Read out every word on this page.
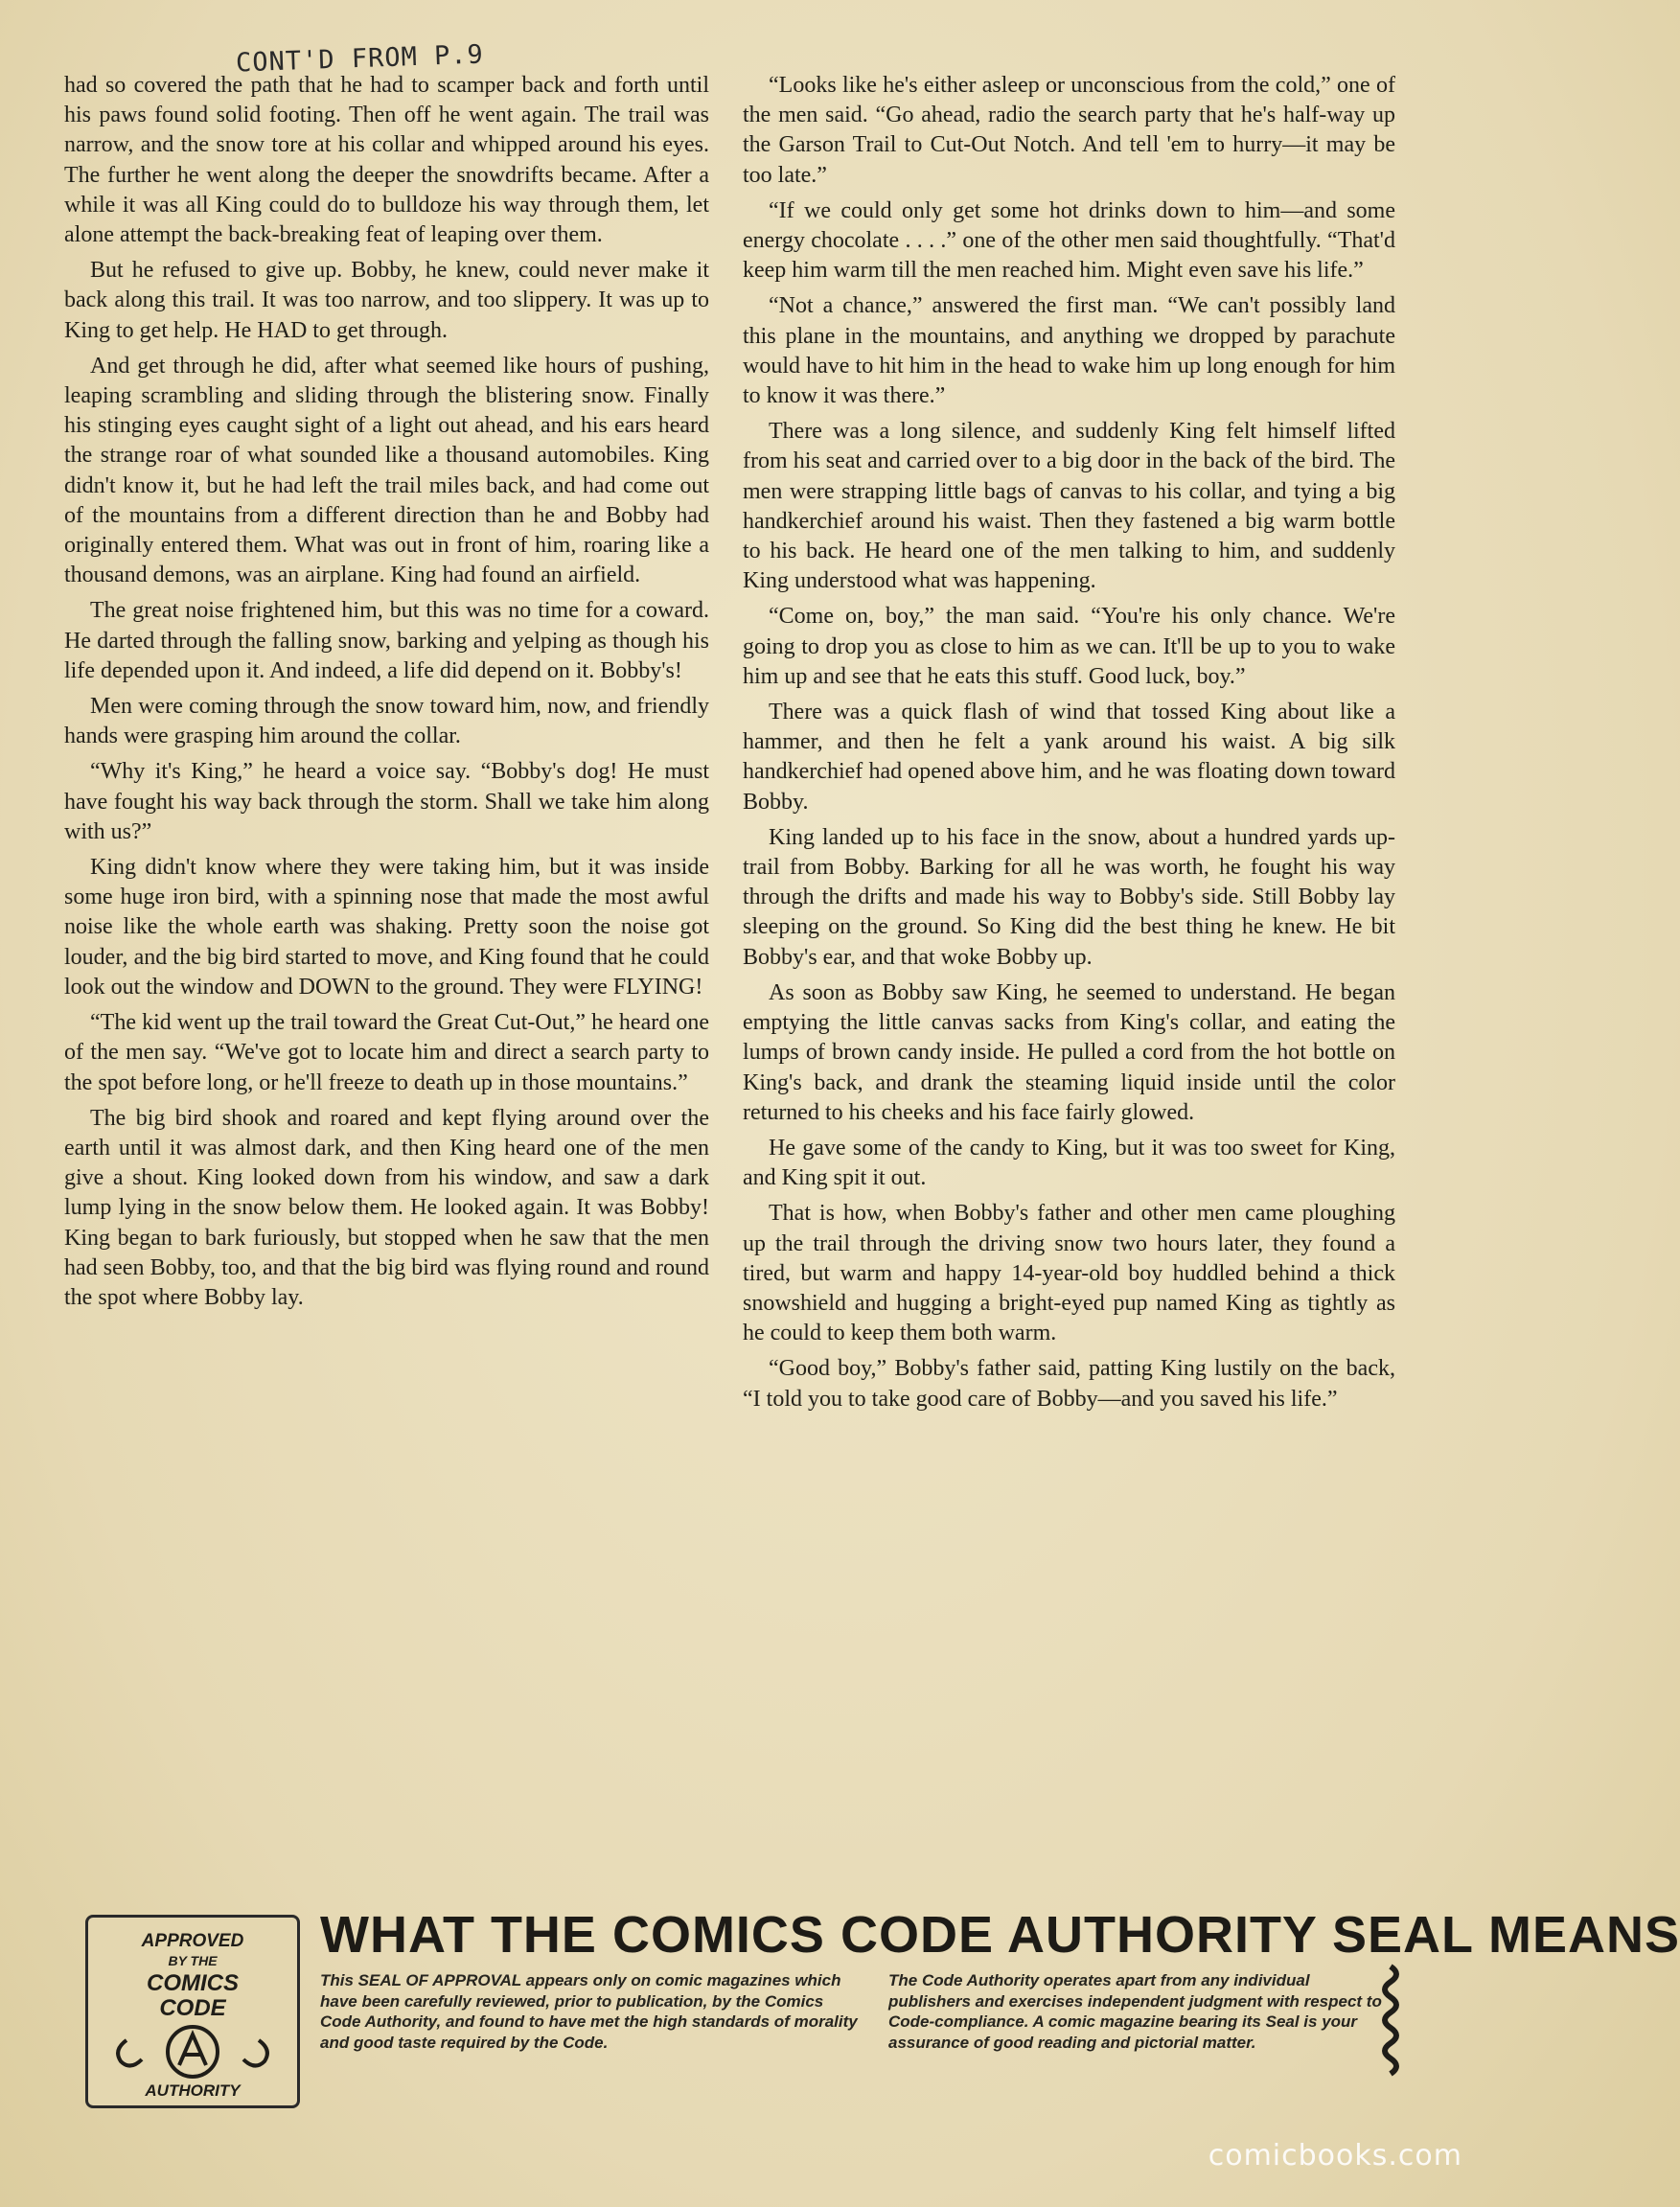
CONT'D FROM P.9

had so covered the path that he had to scamper back and forth until his paws found solid footing. Then off he went again. The trail was narrow, and the snow tore at his collar and whipped around his eyes. The further he went along the deeper the snowdrifts became. After a while it was all King could do to bulldoze his way through them, let alone attempt the back-breaking feat of leaping over them.

But he refused to give up. Bobby, he knew, could never make it back along this trail. It was too narrow, and too slippery. It was up to King to get help. He HAD to get through.

And get through he did, after what seemed like hours of pushing, leaping scrambling and sliding through the blistering snow. Finally his stinging eyes caught sight of a light out ahead, and his ears heard the strange roar of what sounded like a thousand automobiles. King didn't know it, but he had left the trail miles back, and had come out of the mountains from a different direction than he and Bobby had originally entered them. What was out in front of him, roaring like a thousand demons, was an airplane. King had found an airfield.

The great noise frightened him, but this was no time for a coward. He darted through the falling snow, barking and yelping as though his life depended upon it. And indeed, a life did depend on it. Bobby's!

Men were coming through the snow toward him, now, and friendly hands were grasping him around the collar.

“Why it's King,” he heard a voice say. “Bobby's dog! He must have fought his way back through the storm. Shall we take him along with us?”

King didn't know where they were taking him, but it was inside some huge iron bird, with a spinning nose that made the most awful noise like the whole earth was shaking. Pretty soon the noise got louder, and the big bird started to move, and King found that he could look out the window and DOWN to the ground. They were FLYING!

“The kid went up the trail toward the Great Cut-Out,” he heard one of the men say. “We've got to locate him and direct a search party to the spot before long, or he'll freeze to death up in those mountains.”

The big bird shook and roared and kept flying around over the earth until it was almost dark, and then King heard one of the men give a shout. King looked down from his window, and saw a dark lump lying in the snow below them. He looked again. It was Bobby! King began to bark furiously, but stopped when he saw that the men had seen Bobby, too, and that the big bird was flying round and round the spot where Bobby lay.

“Looks like he's either asleep or unconscious from the cold,” one of the men said. “Go ahead, radio the search party that he's half-way up the Garson Trail to Cut-Out Notch. And tell 'em to hurry—it may be too late.”

“If we could only get some hot drinks down to him—and some energy chocolate . . . .” one of the other men said thoughtfully. “That'd keep him warm till the men reached him. Might even save his life.”

“Not a chance,” answered the first man. “We can't possibly land this plane in the mountains, and anything we dropped by parachute would have to hit him in the head to wake him up long enough for him to know it was there.”

There was a long silence, and suddenly King felt himself lifted from his seat and carried over to a big door in the back of the bird. The men were strapping little bags of canvas to his collar, and tying a big handkerchief around his waist. Then they fastened a big warm bottle to his back. He heard one of the men talking to him, and suddenly King understood what was happening.

“Come on, boy,” the man said. “You're his only chance. We're going to drop you as close to him as we can. It'll be up to you to wake him up and see that he eats this stuff. Good luck, boy.”

There was a quick flash of wind that tossed King about like a hammer, and then he felt a yank around his waist. A big silk handkerchief had opened above him, and he was floating down toward Bobby.

King landed up to his face in the snow, about a hundred yards up-trail from Bobby. Barking for all he was worth, he fought his way through the drifts and made his way to Bobby's side. Still Bobby lay sleeping on the ground. So King did the best thing he knew. He bit Bobby's ear, and that woke Bobby up.

As soon as Bobby saw King, he seemed to understand. He began emptying the little canvas sacks from King's collar, and eating the lumps of brown candy inside. He pulled a cord from the hot bottle on King's back, and drank the steaming liquid inside until the color returned to his cheeks and his face fairly glowed.

He gave some of the candy to King, but it was too sweet for King, and King spit it out.

That is how, when Bobby's father and other men came ploughing up the trail through the driving snow two hours later, they found a tired, but warm and happy 14-year-old boy huddled behind a thick snowshield and hugging a bright-eyed pup named King as tightly as he could to keep them both warm.

“Good boy,” Bobby's father said, patting King lustily on the back, “I told you to take good care of Bobby—and you saved his life.”

APPROVED
BY THE
COMICS
CODE
AUTHORITY
WHAT THE COMICS CODE AUTHORITY SEAL MEANS
This SEAL OF APPROVAL appears only on comic magazines which have been carefully reviewed, prior to publication, by the Comics Code Authority, and found to have met the high standards of morality and good taste required by the Code.
The Code Authority operates apart from any individual publishers and exercises independent judgment with respect to Code-compliance. A comic magazine bearing its Seal is your assurance of good reading and pictorial matter.
comicbooks.com
